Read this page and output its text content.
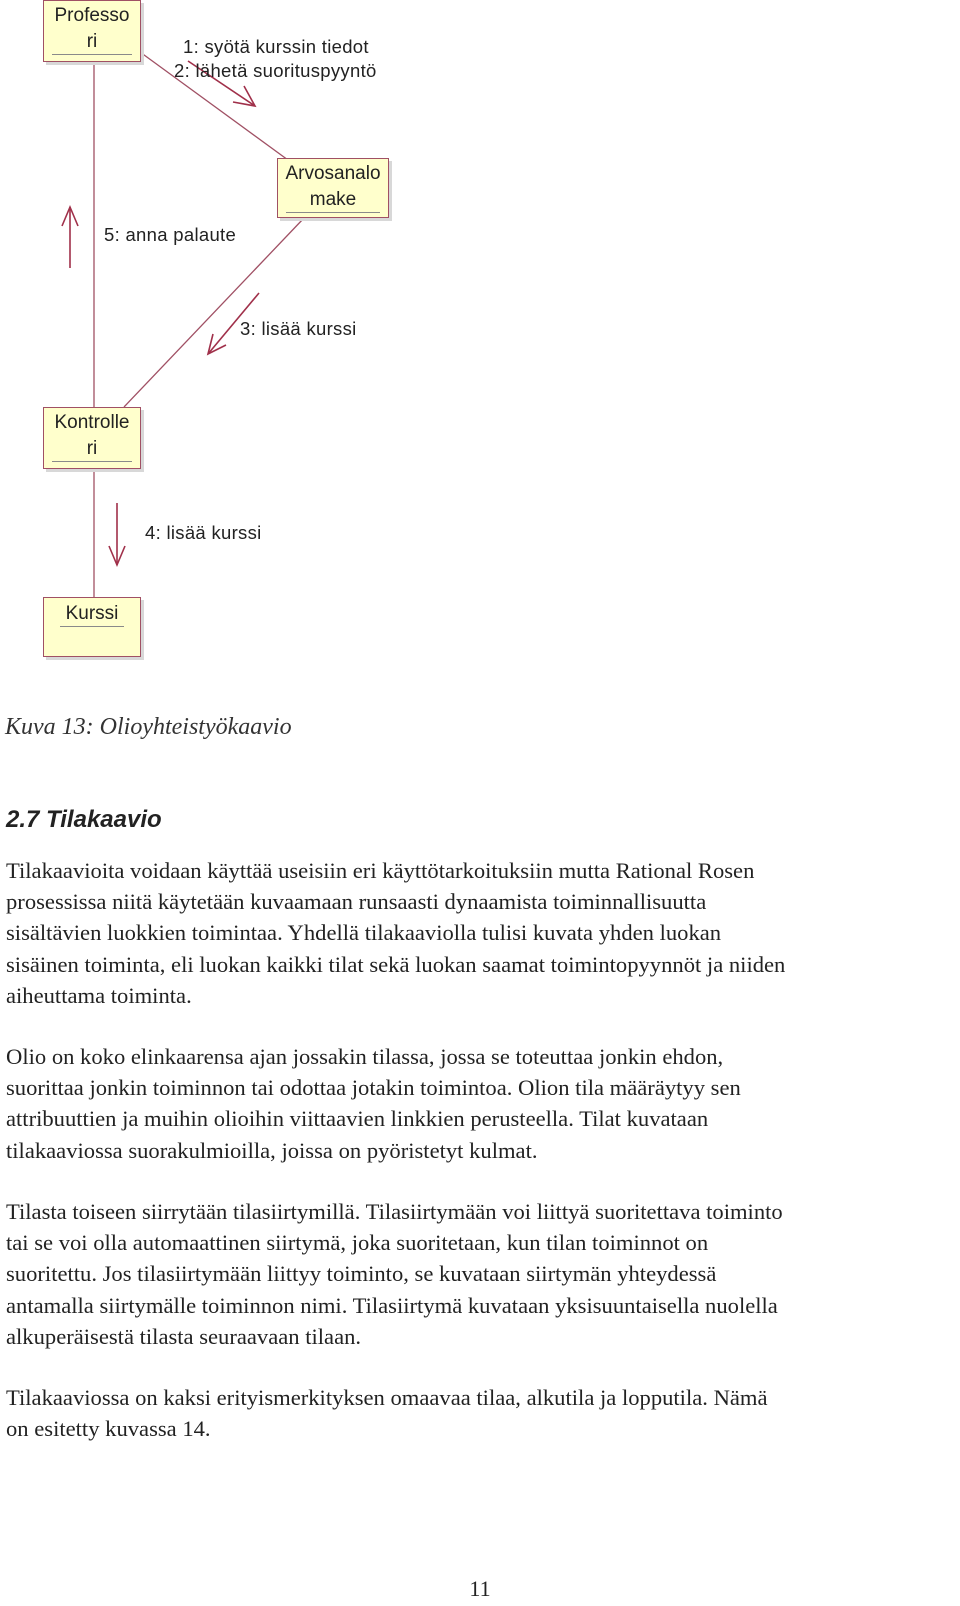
Professo
ri
Arvosanalo
make
Kontrolle
ri
Kurssi
1: syötä kurssin tiedot
2: lähetä suorituspyyntö
5: anna palaute
3: lisää kurssi
4: lisää kurssi
Kuva 13: Olioyhteistyökaavio
2.7 Tilakaavio
Tilakaavioita voidaan käyttää useisiin eri käyttötarkoituksiin mutta Rational Rosen
prosessissa niitä käytetään kuvaamaan runsaasti dynaamista toiminnallisuutta
sisältävien luokkien toimintaa. Yhdellä tilakaaviolla tulisi kuvata yhden luokan
sisäinen toiminta, eli luokan kaikki tilat sekä luokan saamat toimintopyynnöt ja niiden
aiheuttama toiminta.
Olio on koko elinkaarensa ajan jossakin tilassa, jossa se toteuttaa jonkin ehdon,
suorittaa jonkin toiminnon tai odottaa jotakin toimintoa. Olion tila määräytyy sen
attribuuttien ja muihin olioihin viittaavien linkkien perusteella. Tilat kuvataan
tilakaaviossa suorakulmioilla, joissa on pyöristetyt kulmat.
Tilasta toiseen siirrytään tilasiirtymillä. Tilasiirtymään voi liittyä suoritettava toiminto
tai se voi olla automaattinen siirtymä, joka suoritetaan, kun tilan toiminnot on
suoritettu. Jos tilasiirtymään liittyy toiminto, se kuvataan siirtymän yhteydessä
antamalla siirtymälle toiminnon nimi. Tilasiirtymä kuvataan yksisuuntaisella nuolella
alkuperäisestä tilasta seuraavaan tilaan.
Tilakaaviossa on kaksi erityismerkityksen omaavaa tilaa, alkutila ja lopputila. Nämä
on esitetty kuvassa 14.
11
